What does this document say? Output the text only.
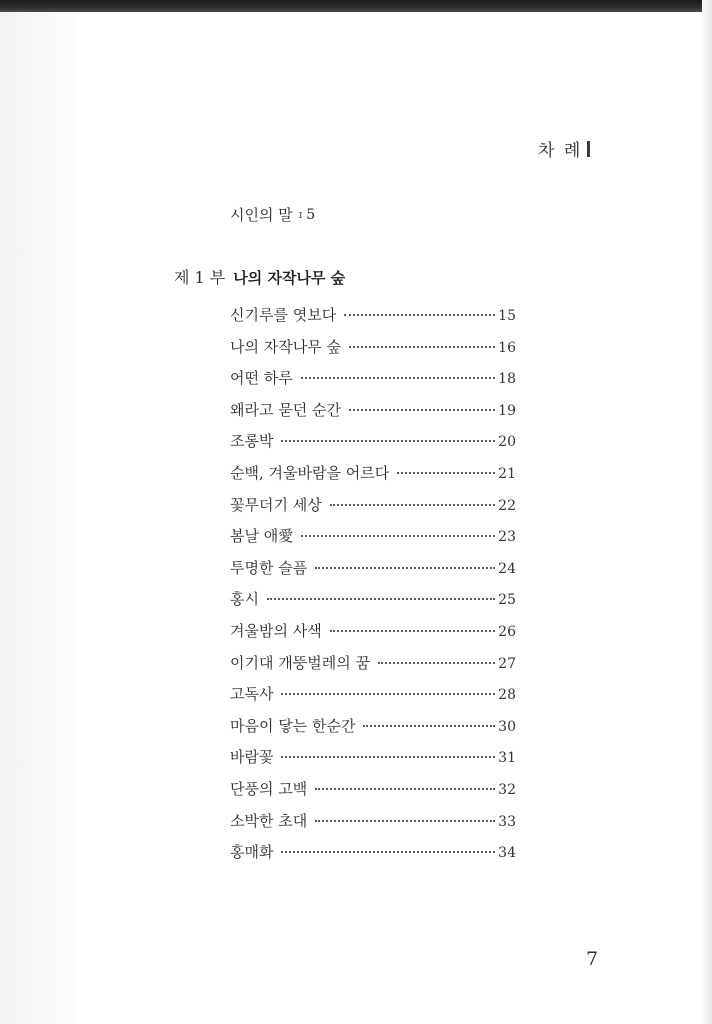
차 례
시인의 말 ɪ 5
제 1 부 나의 자작나무 숲
신기루를 엿보다	15
나의 자작나무 숲	16
어떤 하루	18
왜라고 묻던 순간	19
조롱박	20
순백, 겨울바람을 어르다	21
꽃무더기 세상	22
봄날 애愛	23
투명한 슬픔	24
홍시	25
겨울밤의 사색	26
이기대 개뚱벌레의 꿈	27
고독사	28
마음이 닿는 한순간	30
바람꽃	31
단풍의 고백	32
소박한 초대	33
홍매화	34
7
